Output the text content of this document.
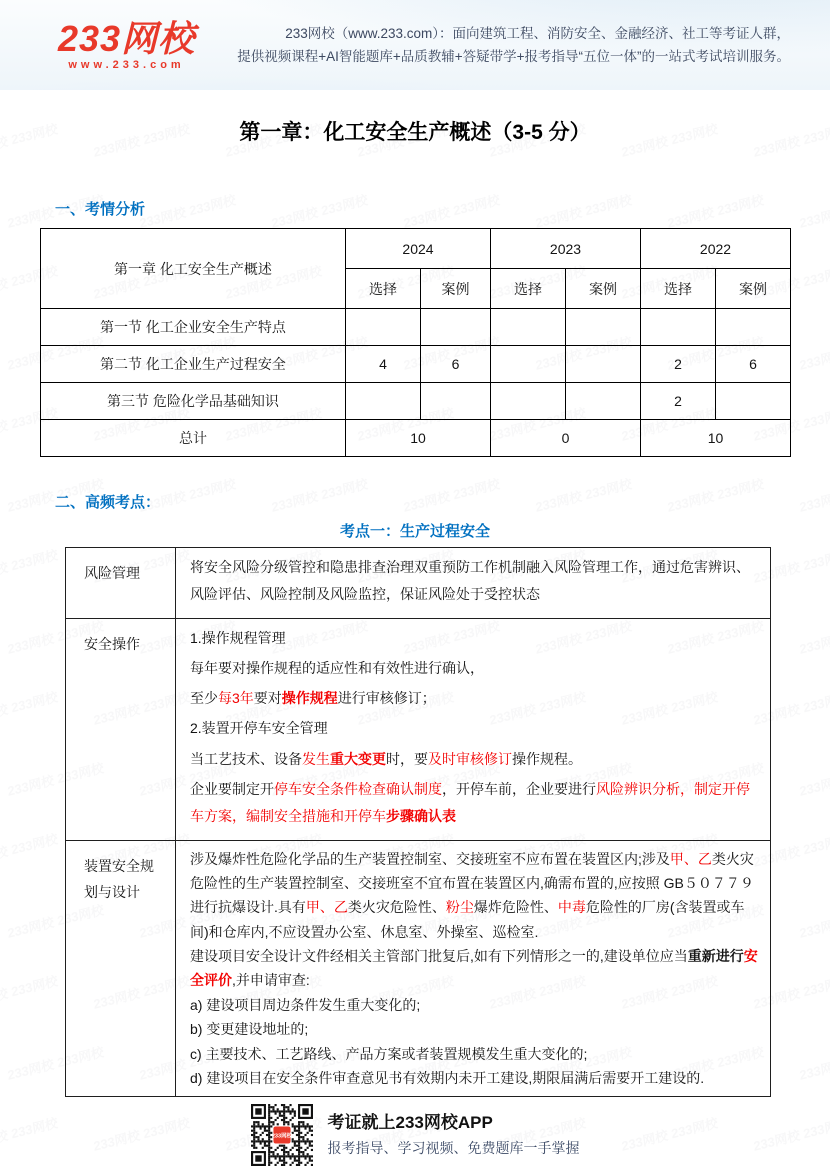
233网校
www.233.com
233网校（www.233.com）：面向建筑工程、消防安全、金融经济、社工等考证人群，
提供视频课程+AI智能题库+品质教辅+答疑带学+报考指导“五位一体”的一站式考试培训服务。
第一章：化工安全生产概述（3-5 分）
一、考情分析
第一章 化工安全生产概述	2024		2023		2022	
	选择	案例	选择	案例	选择	案例
第一节 化工企业安全生产特点						
第二节 化工企业生产过程安全	4	6			2	6
第三节 危险化学品基础知识					2	
总计	10		0		10	
二、高频考点：
考点一：生产过程安全
风险管理	将安全风险分级管控和隐患排查治理双重预防工作机制融入风险管理工作，通过危害辨识、风险评估、风险控制及风险监控，保证风险处于受控状态

安全操作	1.操作规程管理

每年要对操作规程的适应性和有效性进行确认，

至少每3年要对操作规程进行审核修订；

2.装置开停车安全管理

当工艺技术、设备发生重大变更时，要及时审核修订操作规程。

企业要制定开停车安全条件检查确认制度，开停车前，企业要进行风险辨识分析，制定开停车方案，编制安全措施和开停车步骤确认表

装置安全规划与设计	

涉及爆炸性危险化学品的生产装置控制室、交接班室不应布置在装置区内;涉及甲、乙类火灾危险性的生产装置控制室、交接班室不宜布置在装置区内,确需布置的,应按照 GB５０７７９进行抗爆设计.具有甲、乙类火灾危险性、粉尘爆炸危险性、中毒危险性的厂房(含装置或车间)和仓库内,不应设置办公室、休息室、外操室、巡检室.

建设项目安全设计文件经相关主管部门批复后,如有下列情形之一的,建设单位应当重新进行安全评价,并申请审查:

a) 建设项目周边条件发生重大变化的;

b) 变更建设地址的;

c) 主要技术、工艺路线、产品方案或者装置规模发生重大变化的;

d) 建设项目在安全条件审查意见书有效期内未开工建设,期限届满后需要开工建设的.

233网校
考证就上233网校APP
报考指导、学习视频、免费题库一手掌握
